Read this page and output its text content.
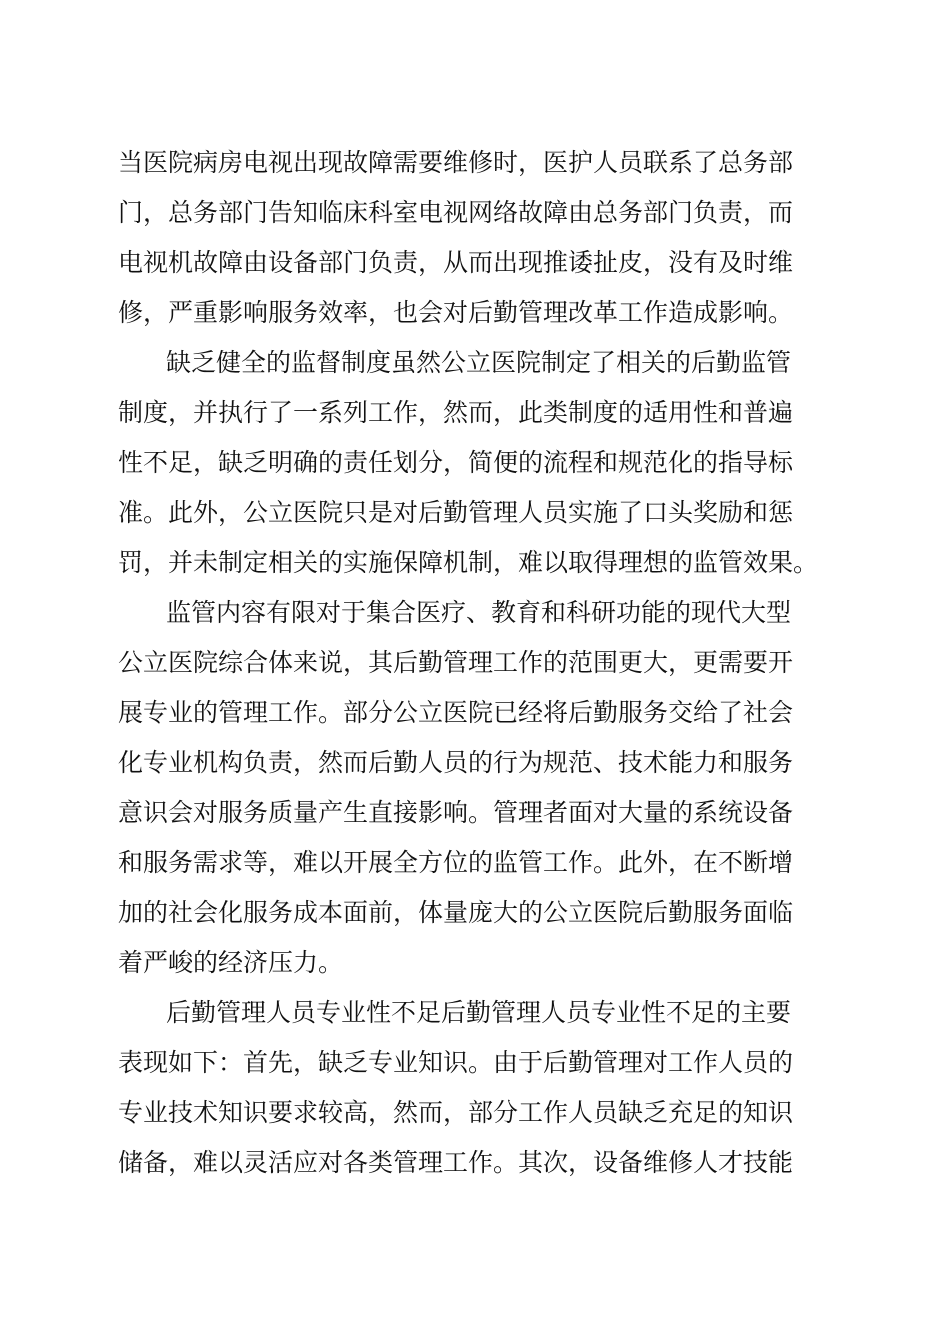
当医院病房电视出现故障需要维修时，医护人员联系了总务部
门，总务部门告知临床科室电视网络故障由总务部门负责，而
电视机故障由设备部门负责，从而出现推诿扯皮，没有及时维
修，严重影响服务效率，也会对后勤管理改革工作造成影响。
缺乏健全的监督制度虽然公立医院制定了相关的后勤监管
制度，并执行了一系列工作，然而，此类制度的适用性和普遍
性不足，缺乏明确的责任划分，简便的流程和规范化的指导标
准。此外，公立医院只是对后勤管理人员实施了口头奖励和惩
罚，并未制定相关的实施保障机制，难以取得理想的监管效果。
监管内容有限对于集合医疗、教育和科研功能的现代大型
公立医院综合体来说，其后勤管理工作的范围更大，更需要开
展专业的管理工作。部分公立医院已经将后勤服务交给了社会
化专业机构负责，然而后勤人员的行为规范、技术能力和服务
意识会对服务质量产生直接影响。管理者面对大量的系统设备
和服务需求等，难以开展全方位的监管工作。此外，在不断增
加的社会化服务成本面前，体量庞大的公立医院后勤服务面临
着严峻的经济压力。
后勤管理人员专业性不足后勤管理人员专业性不足的主要
表现如下：首先，缺乏专业知识。由于后勤管理对工作人员的
专业技术知识要求较高，然而，部分工作人员缺乏充足的知识
储备，难以灵活应对各类管理工作。其次，设备维修人才技能
